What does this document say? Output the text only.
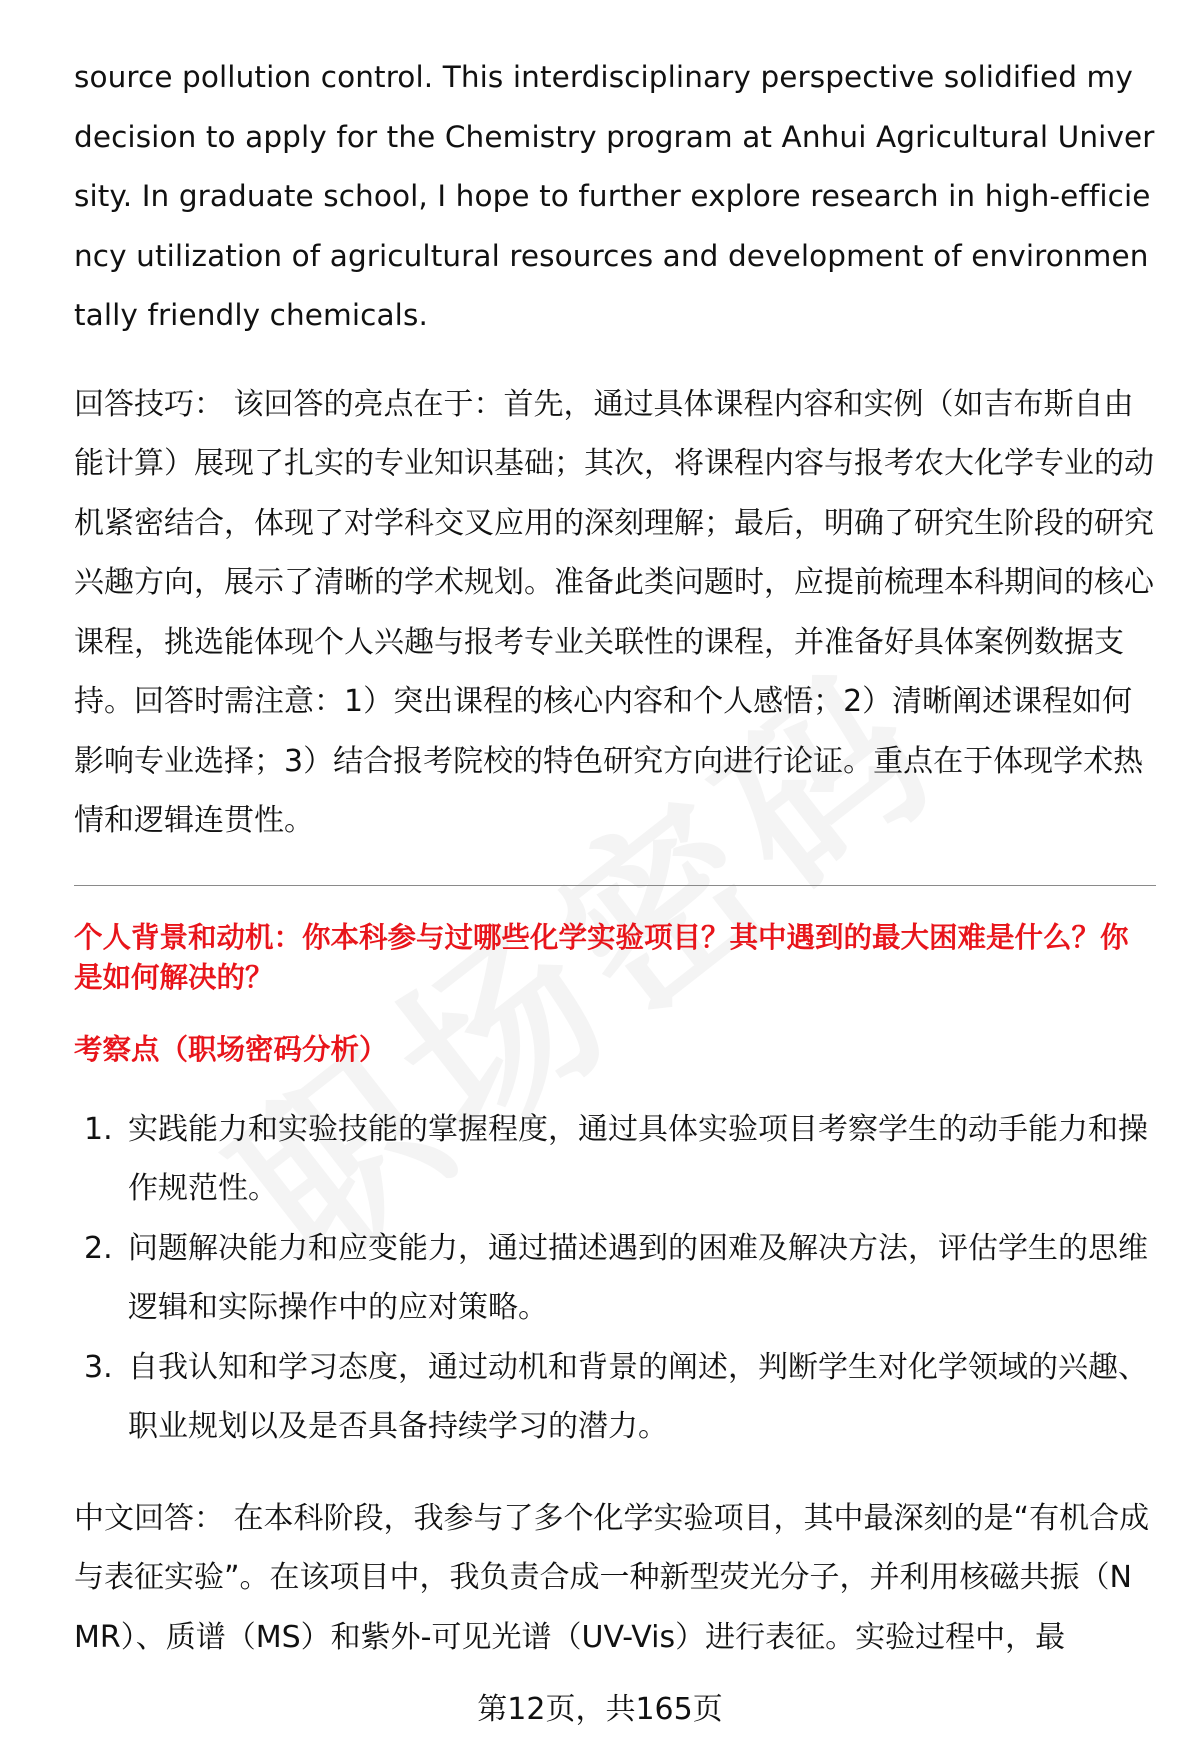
source pollution control. This interdisciplinary perspective solidified my decision to apply for the Chemistry program at Anhui Agricultural University. In graduate school, I hope to further explore research in high-efficiency utilization of agricultural resources and development of environmentally friendly chemicals.

回答技巧： 该回答的亮点在于：首先，通过具体课程内容和实例（如吉布斯自由能计算）展现了扎实的专业知识基础；其次，将课程内容与报考农大化学专业的动机紧密结合，体现了对学科交叉应用的深刻理解；最后，明确了研究生阶段的研究兴趣方向，展示了清晰的学术规划。准备此类问题时，应提前梳理本科期间的核心课程，挑选能体现个人兴趣与报考专业关联性的课程，并准备好具体案例数据支持。回答时需注意：1）突出课程的核心内容和个人感悟；2）清晰阐述课程如何影响专业选择；3）结合报考院校的特色研究方向进行论证。重点在于体现学术热情和逻辑连贯性。

个人背景和动机：你本科参与过哪些化学实验项目？其中遇到的最大困难是什么？你是如何解决的？

考察点（职场密码分析）

1. 实践能力和实验技能的掌握程度，通过具体实验项目考察学生的动手能力和操作规范性。
2. 问题解决能力和应变能力，通过描述遇到的困难及解决方法，评估学生的思维逻辑和实际操作中的应对策略。
3. 自我认知和学习态度，通过动机和背景的阐述，判断学生对化学领域的兴趣、职业规划以及是否具备持续学习的潜力。

中文回答： 在本科阶段，我参与了多个化学实验项目，其中最深刻的是“有机合成与表征实验”。在该项目中，我负责合成一种新型荧光分子，并利用核磁共振（NMR）、质谱（MS）和紫外-可见光谱（UV-Vis）进行表征。实验过程中，最

第12页，共165页
